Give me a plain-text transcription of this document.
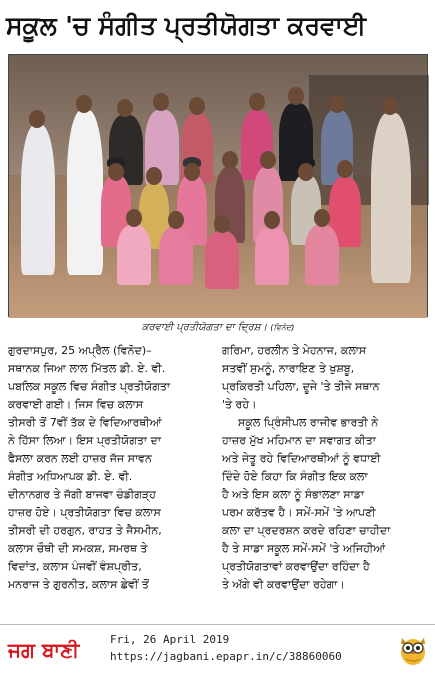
ਸਕੂਲ 'ਚ ਸੰਗੀਤ ਪ੍ਰਤੀਯੋਗਤਾ ਕਰਵਾਈ
ਕਰਵਾਈ ਪ੍ਰਤੀਯੋਗਤਾ ਦਾ ਦ੍ਰਿਸ਼। (ਵਿਨੋਦ)

ਗੁਰਦਾਸਪੁਰ, 25 ਅਪ੍ਰੈਲ (ਵਿਨੋਦ)–

ਸਥਾਨਕ ਜਿਆ ਲਾਲ ਮਿੱਤਲ ਡੀ. ਏ. ਵੀ.

ਪਬਲਿਕ ਸਕੂਲ ਵਿਚ ਸੰਗੀਤ ਪ੍ਰਤੀਯੋਗਤਾ

ਕਰਵਾਈ ਗਈ। ਜਿਸ ਵਿਚ ਕਲਾਸ

ਤੀਸਰੀ ਤੋਂ 7ਵੀਂ ਤੱਕ ਦੇ ਵਿਦਿਆਰਥੀਆਂ

ਨੇ ਹਿੱਸਾ ਲਿਆ। ਇਸ ਪ੍ਰਤੀਯੋਗਤਾ ਦਾ

ਫੈਸਲਾ ਕਰਨ ਲਈ ਹਾਜ਼ਰ ਜੱਜ ਸਾਵਨ

ਸੰਗੀਤ ਅਧਿਆਪਕ ਡੀ. ਏ. ਵੀ.

ਦੀਨਾਨਗਰ ਤੇ ਜੱਗੀ ਬਾਜਵਾ ਚੰਡੀਗੜ੍ਹ

ਹਾਜ਼ਰ ਹੋਏ। ਪ੍ਰਤੀਯੋਗਤਾ ਵਿਚ ਕਲਾਸ

ਤੀਸਰੀ ਦੀ ਹਰਗੁਨ, ਰਾਹਤ ਤੇ ਜੈਸਮੀਨ,

ਕਲਾਸ ਚੌਥੀ ਦੀ ਸਮਕਸ਼, ਸਮਰਥ ਤੇ

ਵਿਦਾਂਤ, ਕਲਾਸ ਪੰਜਵੀਂ ਵੰਸ਼ਪ੍ਰੀਤ,

ਮਨਰਾਜ ਤੇ ਗੁਰਨੀਤ, ਕਲਾਸ ਛੇਵੀਂ ਤੋਂ

ਗਰਿਮਾ, ਹਰਲੀਨ ਤੇ ਮੇਹਨਾਜ, ਕਲਾਸ

ਸਤਵੀਂ ਸੁਮਨੂੰ, ਨਾਰਾਇਣ ਤੇ ਖੁਸ਼ਬੂ,

ਪ੍ਰਕਿਰਤੀ ਪਹਿਲਾ, ਦੂਜੇ 'ਤੇ ਤੀਜੇ ਸਥਾਨ

'ਤੇ ਰਹੇ।

ਸਕੂਲ ਪ੍ਰਿੰਸੀਪਲ ਰਾਜੀਵ ਭਾਰਤੀ ਨੇ

ਹਾਜ਼ਰ ਮੁੱਖ ਮਹਿਮਾਨ ਦਾ ਸਵਾਗਤ ਕੀਤਾ

ਅਤੇ ਜੇਤੂ ਰਹੇ ਵਿਦਿਆਰਥੀਆਂ ਨੂੰ ਵਧਾਈ

ਦਿੰਦੇ ਹੋਏ ਕਿਹਾ ਕਿ ਸੰਗੀਤ ਇਕ ਕਲਾ

ਹੈ ਅਤੇ ਇਸ ਕਲਾ ਨੂੰ ਸੰਭਾਲਣਾ ਸਾਡਾ

ਪਰਮ ਕਰੱਤਵ ਹੈ। ਸਮੇਂ-ਸਮੇਂ 'ਤੇ ਆਪਣੀ

ਕਲਾ ਦਾ ਪ੍ਰਦਰਸ਼ਨ ਕਰਦੇ ਰਹਿਣਾ ਚਾਹੀਦਾ

ਹੈ ਤੇ ਸਾਡਾ ਸਕੂਲ ਸਮੇਂ-ਸਮੇਂ 'ਤੇ ਅਜਿਹੀਆਂ

ਪ੍ਰਤੀਯੋਗਤਾਵਾਂ ਕਰਵਾਉਂਦਾ ਰਹਿੰਦਾ ਹੈ

ਤੇ ਅੱਗੇ ਵੀ ਕਰਵਾਉਂਦਾ ਰਹੇਗਾ।

ਜਗ ਬਾਣੀ	Fri, 26 April 2019
https://jagbani.epapr.in/c/38860060
